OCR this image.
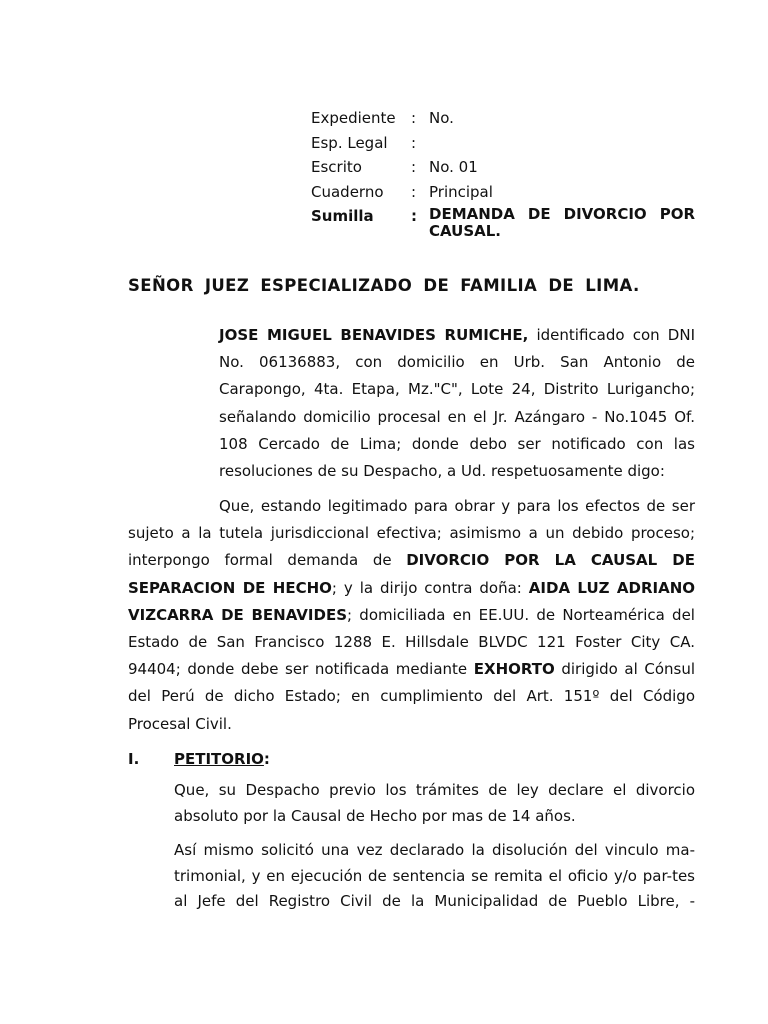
Expediente	: No.
Esp. Legal	:
Escrito	: No. 01
Cuaderno	: Principal
Sumilla	: DEMANDA DE DIVORCIO POR CAUSAL.
SEÑOR JUEZ ESPECIALIZADO DE FAMILIA DE LIMA.
JOSE MIGUEL BENAVIDES RUMICHE, identificado con DNI No. 06136883, con domicilio en Urb. San Antonio de Carapongo, 4ta. Etapa, Mz."C", Lote 24, Distrito Lurigancho; señalando domicilio procesal en el Jr. Azángaro - No.1045 Of. 108 Cercado de Lima; donde debo ser notificado con las resoluciones de su Despacho, a Ud. respetuosamente digo:
Que, estando legitimado para obrar y para los efectos de ser sujeto a la tutela jurisdiccional efectiva; asimismo a un debido proceso; interpongo formal demanda de DIVORCIO POR LA CAUSAL DE SEPARACION DE HECHO; y la dirijo contra doña: AIDA LUZ ADRIANO VIZCARRA DE BENAVIDES; domiciliada en EE.UU. de Norteamérica del Estado de San Francisco 1288 E. Hillsdale BLVDC 121 Foster City CA. 94404; donde debe ser notificada mediante EXHORTO dirigido al Cónsul del Perú de dicho Estado; en cumplimiento del Art. 151º del Código Procesal Civil.
I. PETITORIO:
Que, su Despacho previo los trámites de ley declare el divorcio absoluto por la Causal de Hecho por mas de 14 años.
Así mismo solicitó una vez declarado la disolución del vinculo ma-trimonial, y en ejecución de sentencia se remita el oficio y/o par-tes al Jefe del Registro Civil de la Municipalidad de Pueblo Libre, -
